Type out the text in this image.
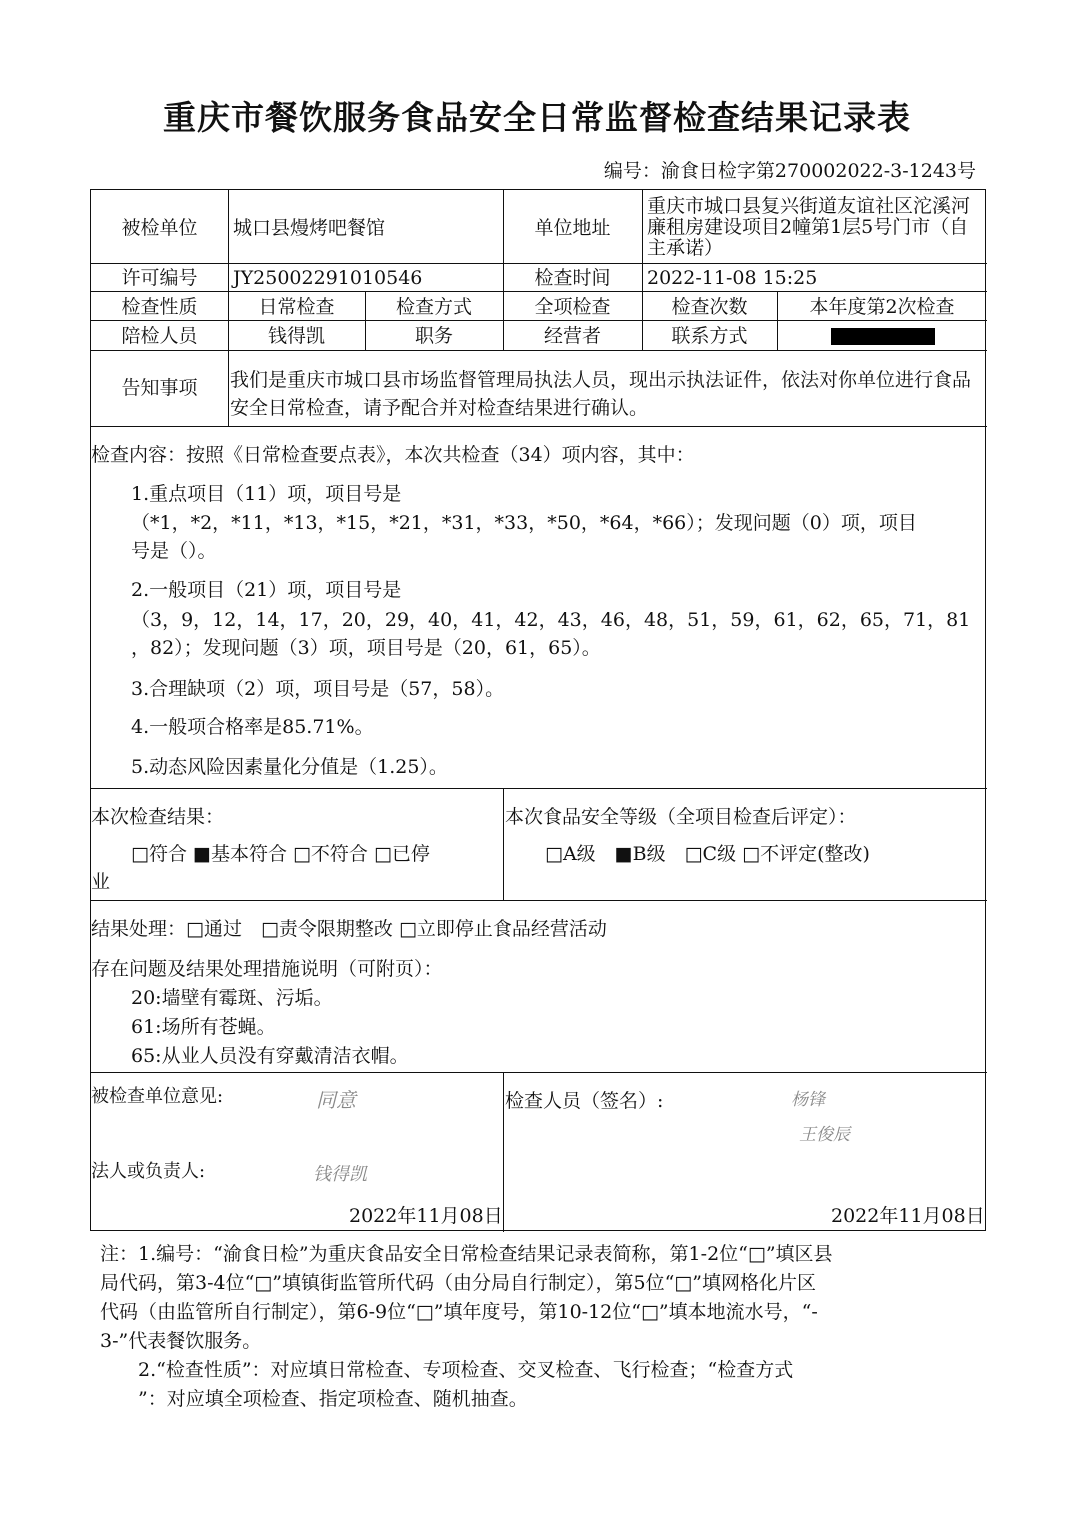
重庆市餐饮服务食品安全日常监督检查结果记录表
编号：渝食日检字第270002022-3-1243号
被检单位	城口县熳烤吧餐馆	单位地址
重庆市城口县复兴街道友谊社区沱溪河廉租房建设项目2幢第1层5号门市（自主承诺）
许可编号	JY25002291010546	检查时间	2022-11-08 15:25
检查性质	日常检查	检查方式	全项检查	检查次数	本年度第2次检查
陪检人员	钱得凯	职务	经营者	联系方式
告知事项	我们是重庆市城口县市场监督管理局执法人员，现出示执法证件，依法对你单位进行食品安全日常检查，请予配合并对检查结果进行确认。
检查内容：按照《日常检查要点表》，本次共检查（34）项内容，其中：
1.重点项目（11）项，项目号是
（*1，*2，*11，*13，*15，*21，*31，*33，*50，*64，*66）；发现问题（0）项，项目
号是（）。
2.一般项目（21）项，项目号是
（3，9，12，14，17，20，29，40，41，42，43，46，48，51，59，61，62，65，71，81
，82）；发现问题（3）项，项目号是（20，61，65）。
3.合理缺项（2）项，项目号是（57，58）。
4.一般项合格率是85.71%。
5.动态风险因素量化分值是（1.25）。
本次检查结果：
□符合 ■基本符合 □不符合 □已停
业
本次食品安全等级（全项目检查后评定）：
□A级　■B级　□C级 □不评定(整改)
结果处理：□通过　□责令限期整改 □立即停止食品经营活动
存在问题及结果处理措施说明（可附页）：
20:墙壁有霉斑、污垢。
61:场所有苍蝇。
65:从业人员没有穿戴清洁衣帽。
被检查单位意见:	同意
法人或负责人:	钱得凯
2022年11月08日
检查人员（签名）:	杨锋
王俊辰
2022年11月08日
注：1.编号：“渝食日检”为重庆食品安全日常检查结果记录表简称，第1-2位“□”填区县
局代码，第3-4位“□”填镇街监管所代码（由分局自行制定），第5位“□”填网格化片区
代码（由监管所自行制定），第6-9位“□”填年度号，第10-12位“□”填本地流水号，“-
3-”代表餐饮服务。
2.“检查性质”：对应填日常检查、专项检查、交叉检查、飞行检查；“检查方式
”：对应填全项检查、指定项检查、随机抽查。
